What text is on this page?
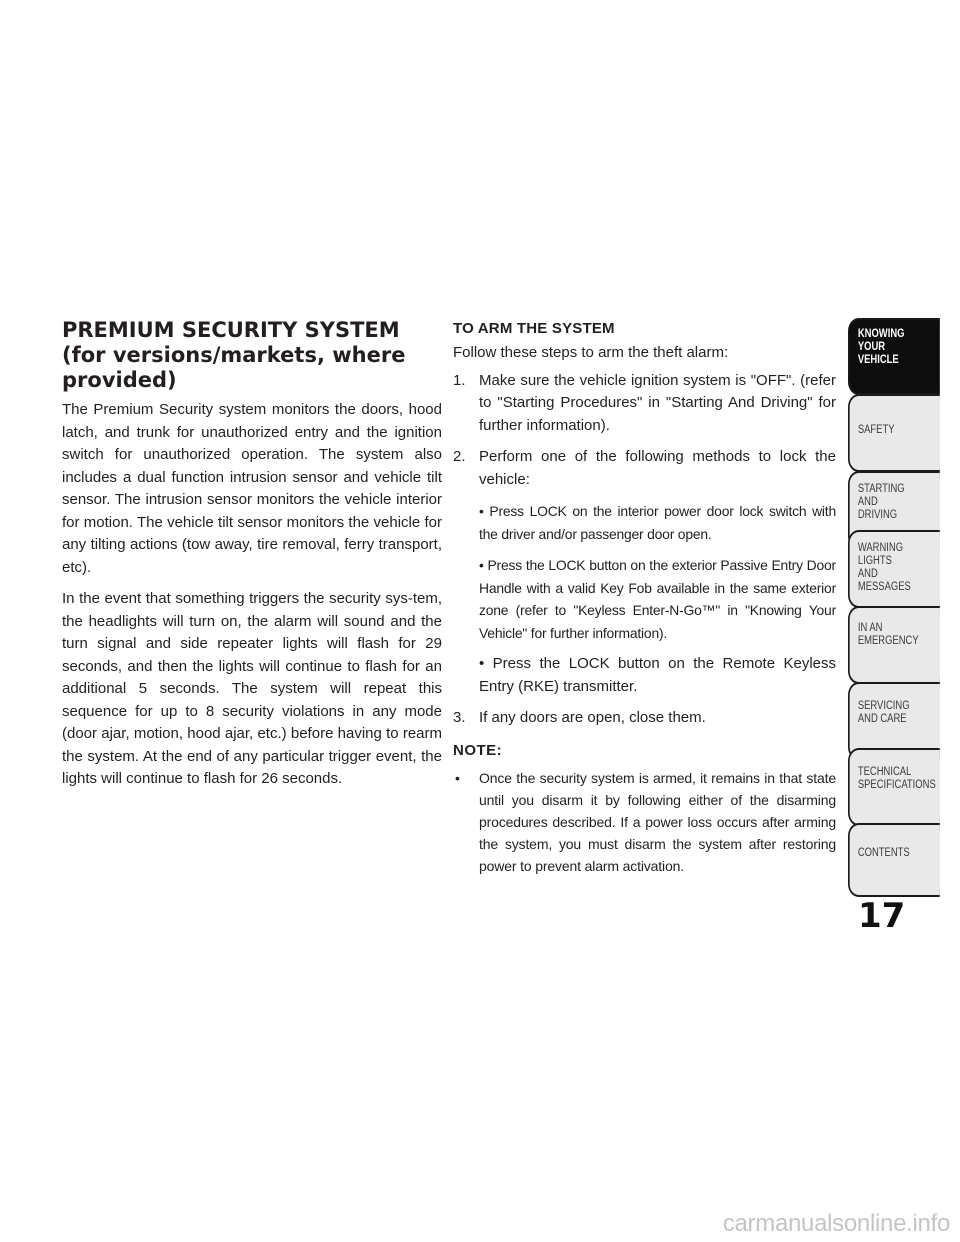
PREMIUM SECURITY SYSTEM
(for versions/markets, where
provided)

The Premium Security system monitors the doors, hood latch, and trunk for unauthorized entry and the ignition switch for unauthorized operation. The system also includes a dual function intrusion sensor and vehicle tilt sensor. The intrusion sensor monitors the vehicle interior for motion. The vehicle tilt sensor monitors the vehicle for any tilting actions (tow away, tire removal, ferry transport, etc).

In the event that something triggers the security sys-tem, the headlights will turn on, the alarm will sound and the turn signal and side repeater lights will flash for 29 seconds, and then the lights will continue to flash for an additional 5 seconds. The system will repeat this sequence for up to 8 security violations in any mode (door ajar, motion, hood ajar, etc.) before having to rearm the system. At the end of any particular trigger event, the lights will continue to flash for 26 seconds.

TO ARM THE SYSTEM

Follow these steps to arm the theft alarm:

1. Make sure the vehicle ignition system is "OFF". (refer to "Starting Procedures" in "Starting And Driving" for further information).
2. Perform one of the following methods to lock the vehicle:
• Press LOCK on the interior power door lock switch with the driver and/or passenger door open.
• Press the LOCK button on the exterior Passive Entry Door Handle with a valid Key Fob available in the same exterior zone (refer to "Keyless Enter-N-Go™" in "Knowing Your Vehicle" for further information).
• Press the LOCK button on the Remote Keyless Entry (RKE) transmitter.
3. If any doors are open, close them.
NOTE:
•	Once the security system is armed, it remains in that state until you disarm it by following either of the disarming procedures described. If a power loss occurs after arming the system, you must disarm the system after restoring power to prevent alarm activation.
KNOWING
YOUR
VEHICLE
SAFETY
STARTING
AND
DRIVING
WARNING
LIGHTS
AND
MESSAGES
IN AN
EMERGENCY
SERVICING
AND CARE
TECHNICAL
SPECIFICATIONS
CONTENTS
17
carmanualsonline.info
